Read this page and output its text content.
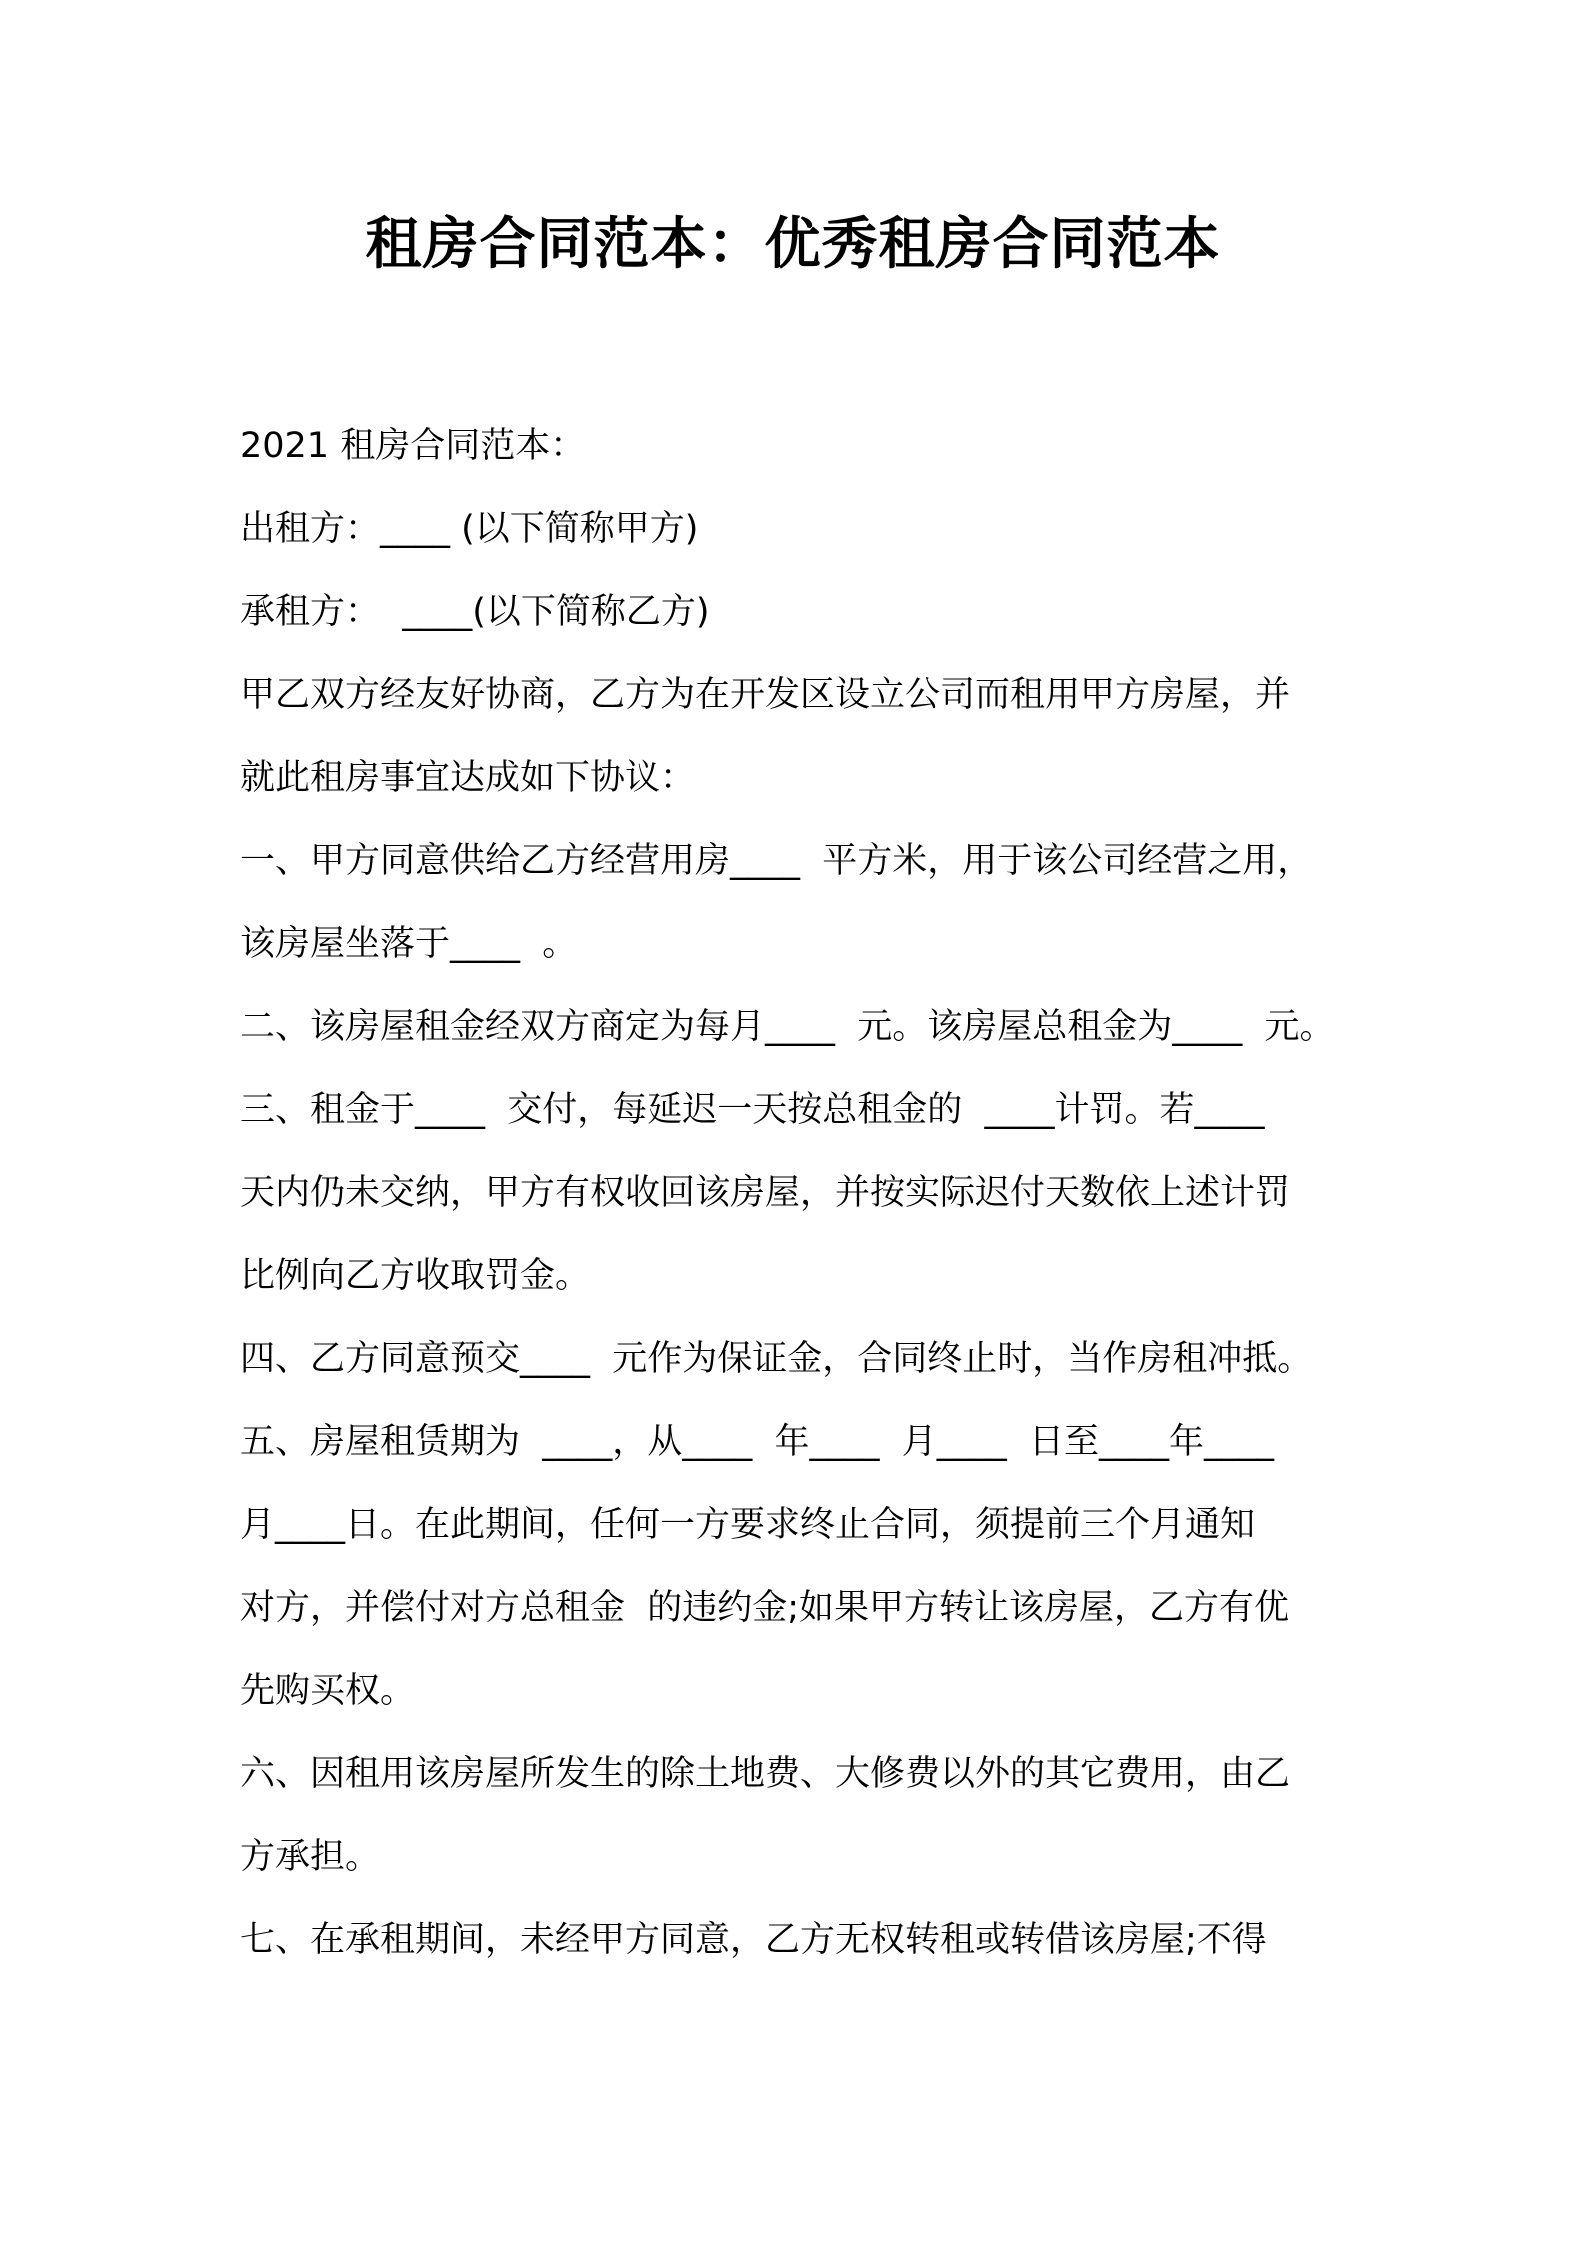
租房合同范本：优秀租房合同范本
2021 租房合同范本：
出租方：____ (以下简称甲方)
承租方：  ____(以下简称乙方)
甲乙双方经友好协商，乙方为在开发区设立公司而租用甲方房屋，并
就此租房事宜达成如下协议：
一、甲方同意供给乙方经营用房____  平方米，用于该公司经营之用，
该房屋坐落于____  。
二、该房屋租金经双方商定为每月____  元。该房屋总租金为____  元。
三、租金于____  交付，每延迟一天按总租金的  ____计罚。若____
天内仍未交纳，甲方有权收回该房屋，并按实际迟付天数依上述计罚
比例向乙方收取罚金。
四、乙方同意预交____  元作为保证金，合同终止时，当作房租冲抵。
五、房屋租赁期为  ____，从____  年____  月____  日至____年____
月____日。在此期间，任何一方要求终止合同，须提前三个月通知
对方，并偿付对方总租金  的违约金;如果甲方转让该房屋，乙方有优
先购买权。
六、因租用该房屋所发生的除土地费、大修费以外的其它费用，由乙
方承担。
七、在承租期间，未经甲方同意，乙方无权转租或转借该房屋;不得
